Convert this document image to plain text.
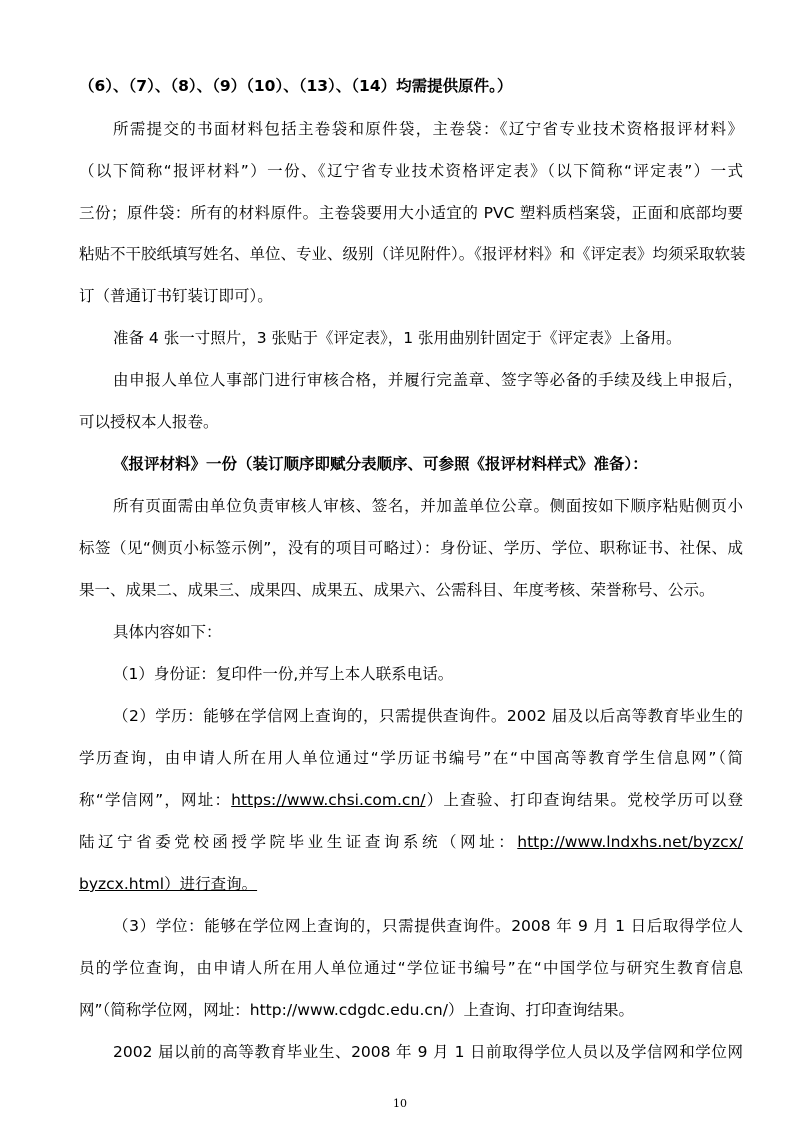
（6）、（7）、（8）、（9）（10）、（13）、（14）均需提供原件。）
所需提交的书面材料包括主卷袋和原件袋，主卷袋：《辽宁省专业技术资格报评材料》
（以下简称“报评材料”）一份、《辽宁省专业技术资格评定表》（以下简称“评定表”）一式
三份；原件袋：所有的材料原件。主卷袋要用大小适宜的 PVC 塑料质档案袋，正面和底部均要
粘贴不干胶纸填写姓名、单位、专业、级别（详见附件）。《报评材料》和《评定表》均须采取软装
订（普通订书钉装订即可）。
准备 4 张一寸照片，3 张贴于《评定表》，1 张用曲别针固定于《评定表》上备用。
由申报人单位人事部门进行审核合格，并履行完盖章、签字等必备的手续及线上申报后，
可以授权本人报卷。
《报评材料》一份（装订顺序即赋分表顺序、可参照《报评材料样式》准备）：
所有页面需由单位负责审核人审核、签名，并加盖单位公章。侧面按如下顺序粘贴侧页小
标签（见“侧页小标签示例”，没有的项目可略过）：身份证、学历、学位、职称证书、社保、成
果一、成果二、成果三、成果四、成果五、成果六、公需科目、年度考核、荣誉称号、公示。
具体内容如下：
（1）身份证：复印件一份,并写上本人联系电话。
（2）学历：能够在学信网上查询的，只需提供查询件。2002 届及以后高等教育毕业生的
学历查询，由申请人所在用人单位通过“学历证书编号”在“中国高等教育学生信息网”（简
称“学信网”，网址：https://www.chsi.com.cn/）上查验、打印查询结果。党校学历可以登
陆辽宁省委党校函授学院毕业生证查询系统（网址：http://www.lndxhs.net/byzcx/
byzcx.html）进行查询。
（3）学位：能够在学位网上查询的，只需提供查询件。2008 年 9 月 1 日后取得学位人
员的学位查询，由申请人所在用人单位通过“学位证书编号”在“中国学位与研究生教育信息
网”（简称学位网，网址：http://www.cdgdc.edu.cn/）上查询、打印查询结果。
2002 届以前的高等教育毕业生、2008 年 9 月 1 日前取得学位人员以及学信网和学位网
10
